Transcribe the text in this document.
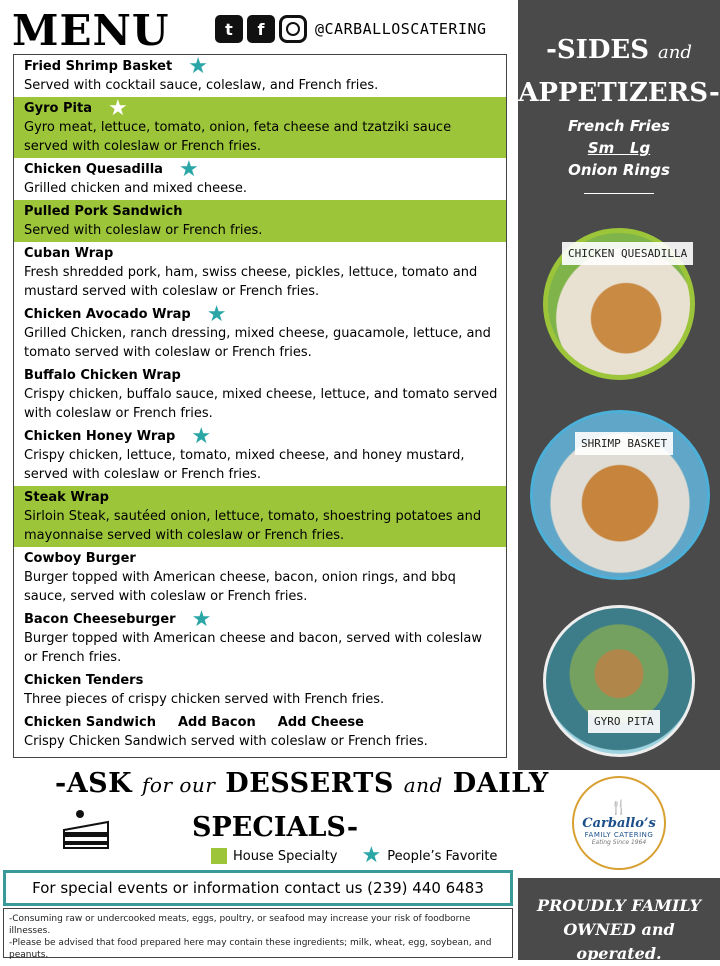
MENU	t	f	@CARBALLOSCATERING
Fried Shrimp Basket ★
Served with cocktail sauce, coleslaw, and French fries.
Gyro Pita ★
Gyro meat, lettuce, tomato, onion, feta cheese and tzatziki sauce served with coleslaw or French fries.
Chicken Quesadilla ★
Grilled chicken and mixed cheese.
Pulled Pork Sandwich
Served with coleslaw or French fries.
Cuban Wrap
Fresh shredded pork, ham, swiss cheese, pickles, lettuce, tomato and mustard served with coleslaw or French fries.
Chicken Avocado Wrap ★
Grilled Chicken, ranch dressing, mixed cheese, guacamole, lettuce, and tomato served with coleslaw or French fries.
Buffalo Chicken Wrap
Crispy chicken, buffalo sauce, mixed cheese, lettuce, and tomato served with coleslaw or French fries.
Chicken Honey Wrap ★
Crispy chicken, lettuce, tomato, mixed cheese, and honey mustard, served with coleslaw or French fries.
Steak Wrap
Sirloin Steak, sautéed onion, lettuce, tomato, shoestring potatoes and mayonnaise served with coleslaw or French fries.
Cowboy Burger
Burger topped with American cheese, bacon, onion rings, and bbq sauce, served with coleslaw or French fries.
Bacon Cheeseburger ★
Burger topped with American cheese and bacon, served with coleslaw or French fries.
Chicken Tenders
Three pieces of crispy chicken served with French fries.
Chicken Sandwich Add Bacon Add Cheese
Crispy Chicken Sandwich served with coleslaw or French fries.
-SIDES and
APPETIZERS-
French Fries
Sm   Lg
Onion Rings
CHICKEN QUESADILLA
SHRIMP BASKET
GYRO PITA
-ASK for our DESSERTS and DAILY
SPECIALS-
House Specialty ★ People’s Favorite
🍴
Carballo’s
FAMILY CATERING
Eating Since 1964
For special events or information contact us (239) 440 6483
-Consuming raw or undercooked meats, eggs, poultry, or seafood may increase your risk of foodborne illnesses.
-Please be advised that food prepared here may contain these ingredients; milk, wheat, egg, soybean, and peanuts.
PROUDLY FAMILY
OWNED and operated.
